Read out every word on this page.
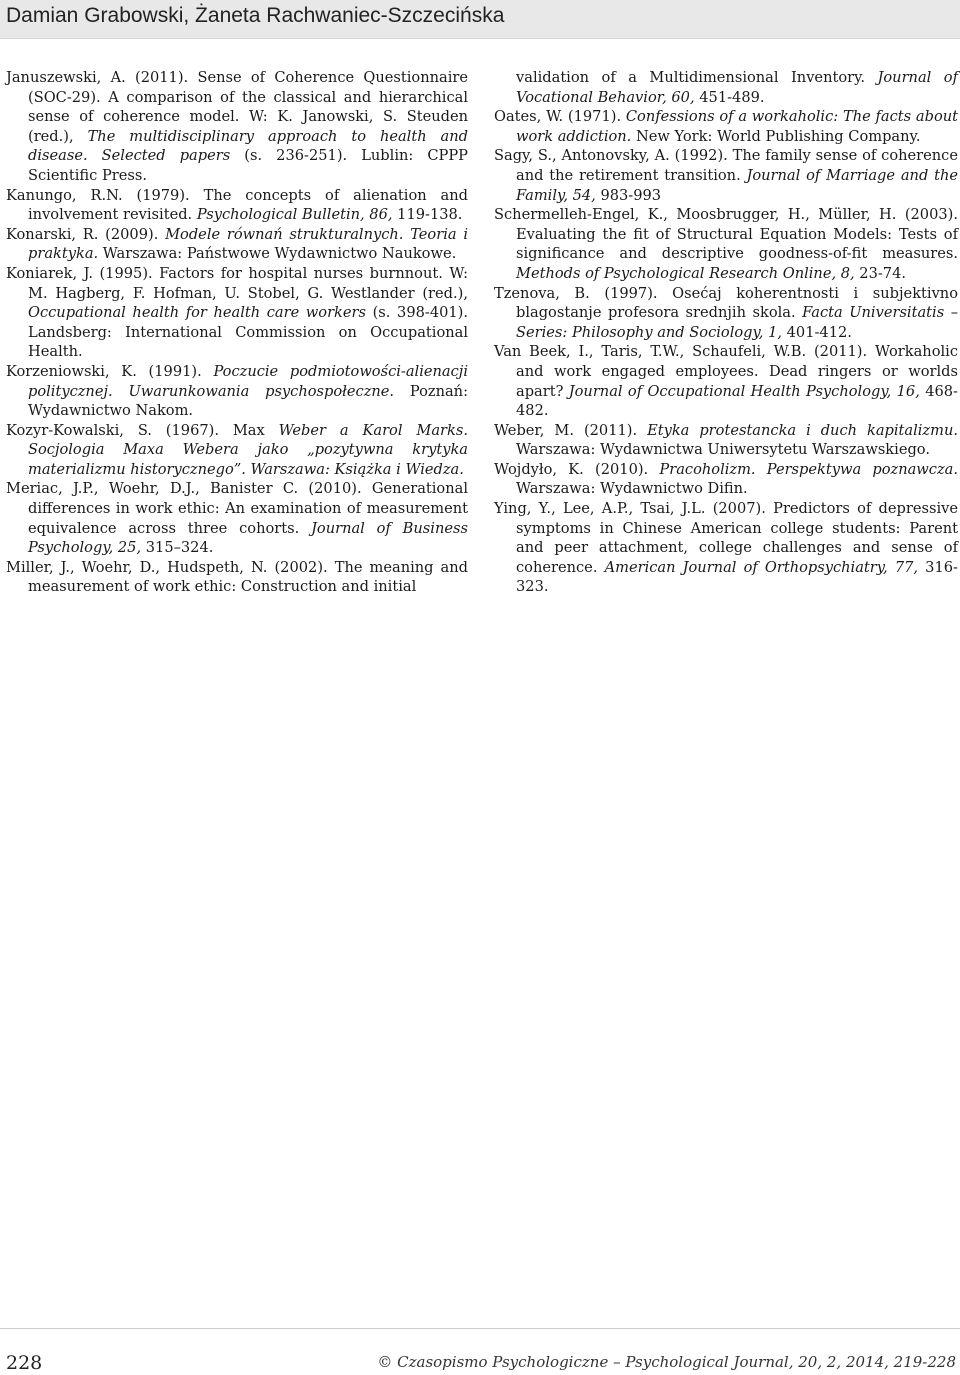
Damian Grabowski, Żaneta Rachwaniec-Szczecińska

Januszewski, A. (2011). Sense of Coherence Questionnaire (SOC-29). A comparison of the classical and hierarchical sense of coherence model. W: K. Janowski, S. Steuden (red.), The multidisciplinary approach to health and disease. Selected papers (s. 236-251). Lublin: CPPP Scientific Press.

Kanungo, R.N. (1979). The concepts of alienation and involvement revisited. Psychological Bulletin, 86, 119-138.

Konarski, R. (2009). Modele równań strukturalnych. Teoria i praktyka. Warszawa: Państwowe Wydawnictwo Naukowe.

Koniarek, J. (1995). Factors for hospital nurses burnnout. W: M. Hagberg, F. Hofman, U. Stobel, G. Westlander (red.), Occupational health for health care workers (s. 398-401). Landsberg: International Commission on Occupational Health.

Korzeniowski, K. (1991). Poczucie podmiotowości-alienacji politycznej. Uwarunkowania psychospołeczne. Poznań: Wydawnictwo Nakom.

Kozyr-Kowalski, S. (1967). Max Weber a Karol Marks. Socjologia Maxa Webera jako „pozytywna krytyka materializmu historycznego”. Warszawa: Książka i Wiedza.

Meriac, J.P., Woehr, D.J., Banister C. (2010). Generational differences in work ethic: An examination of measurement equivalence across three cohorts. Journal of Business Psychology, 25, 315–324.

Miller, J., Woehr, D., Hudspeth, N. (2002). The meaning and measurement of work ethic: Construction and initial

validation of a Multidimensional Inventory. Journal of Vocational Behavior, 60, 451-489.

Oates, W. (1971). Confessions of a workaholic: The facts about work addiction. New York: World Publishing Company.

Sagy, S., Antonovsky, A. (1992). The family sense of coherence and the retirement transition. Journal of Marriage and the Family, 54, 983-993

Schermelleh-Engel, K., Moosbrugger, H., Müller, H. (2003). Evaluating the fit of Structural Equation Models: Tests of significance and descriptive goodness-of-fit measures. Methods of Psychological Research Online, 8, 23-74.

Tzenova, B. (1997). Osećaj koherentnosti i subjektivno blagostanje profesora srednjih skola. Facta Universitatis – Series: Philosophy and Sociology, 1, 401-412.

Van Beek, I., Taris, T.W., Schaufeli, W.B. (2011). Workaholic and work engaged employees. Dead ringers or worlds apart? Journal of Occupational Health Psychology, 16, 468-482.

Weber, M. (2011). Etyka protestancka i duch kapitalizmu. Warszawa: Wydawnictwa Uniwersytetu Warszawskiego.

Wojdyło, K. (2010). Pracoholizm. Perspektywa poznawcza. Warszawa: Wydawnictwo Difin.

Ying, Y., Lee, A.P., Tsai, J.L. (2007). Predictors of depressive symptoms in Chinese American college students: Parent and peer attachment, college challenges and sense of coherence. American Journal of Orthopsychiatry, 77, 316-323.

228	© Czasopismo Psychologiczne – Psychological Journal, 20, 2, 2014, 219-228
